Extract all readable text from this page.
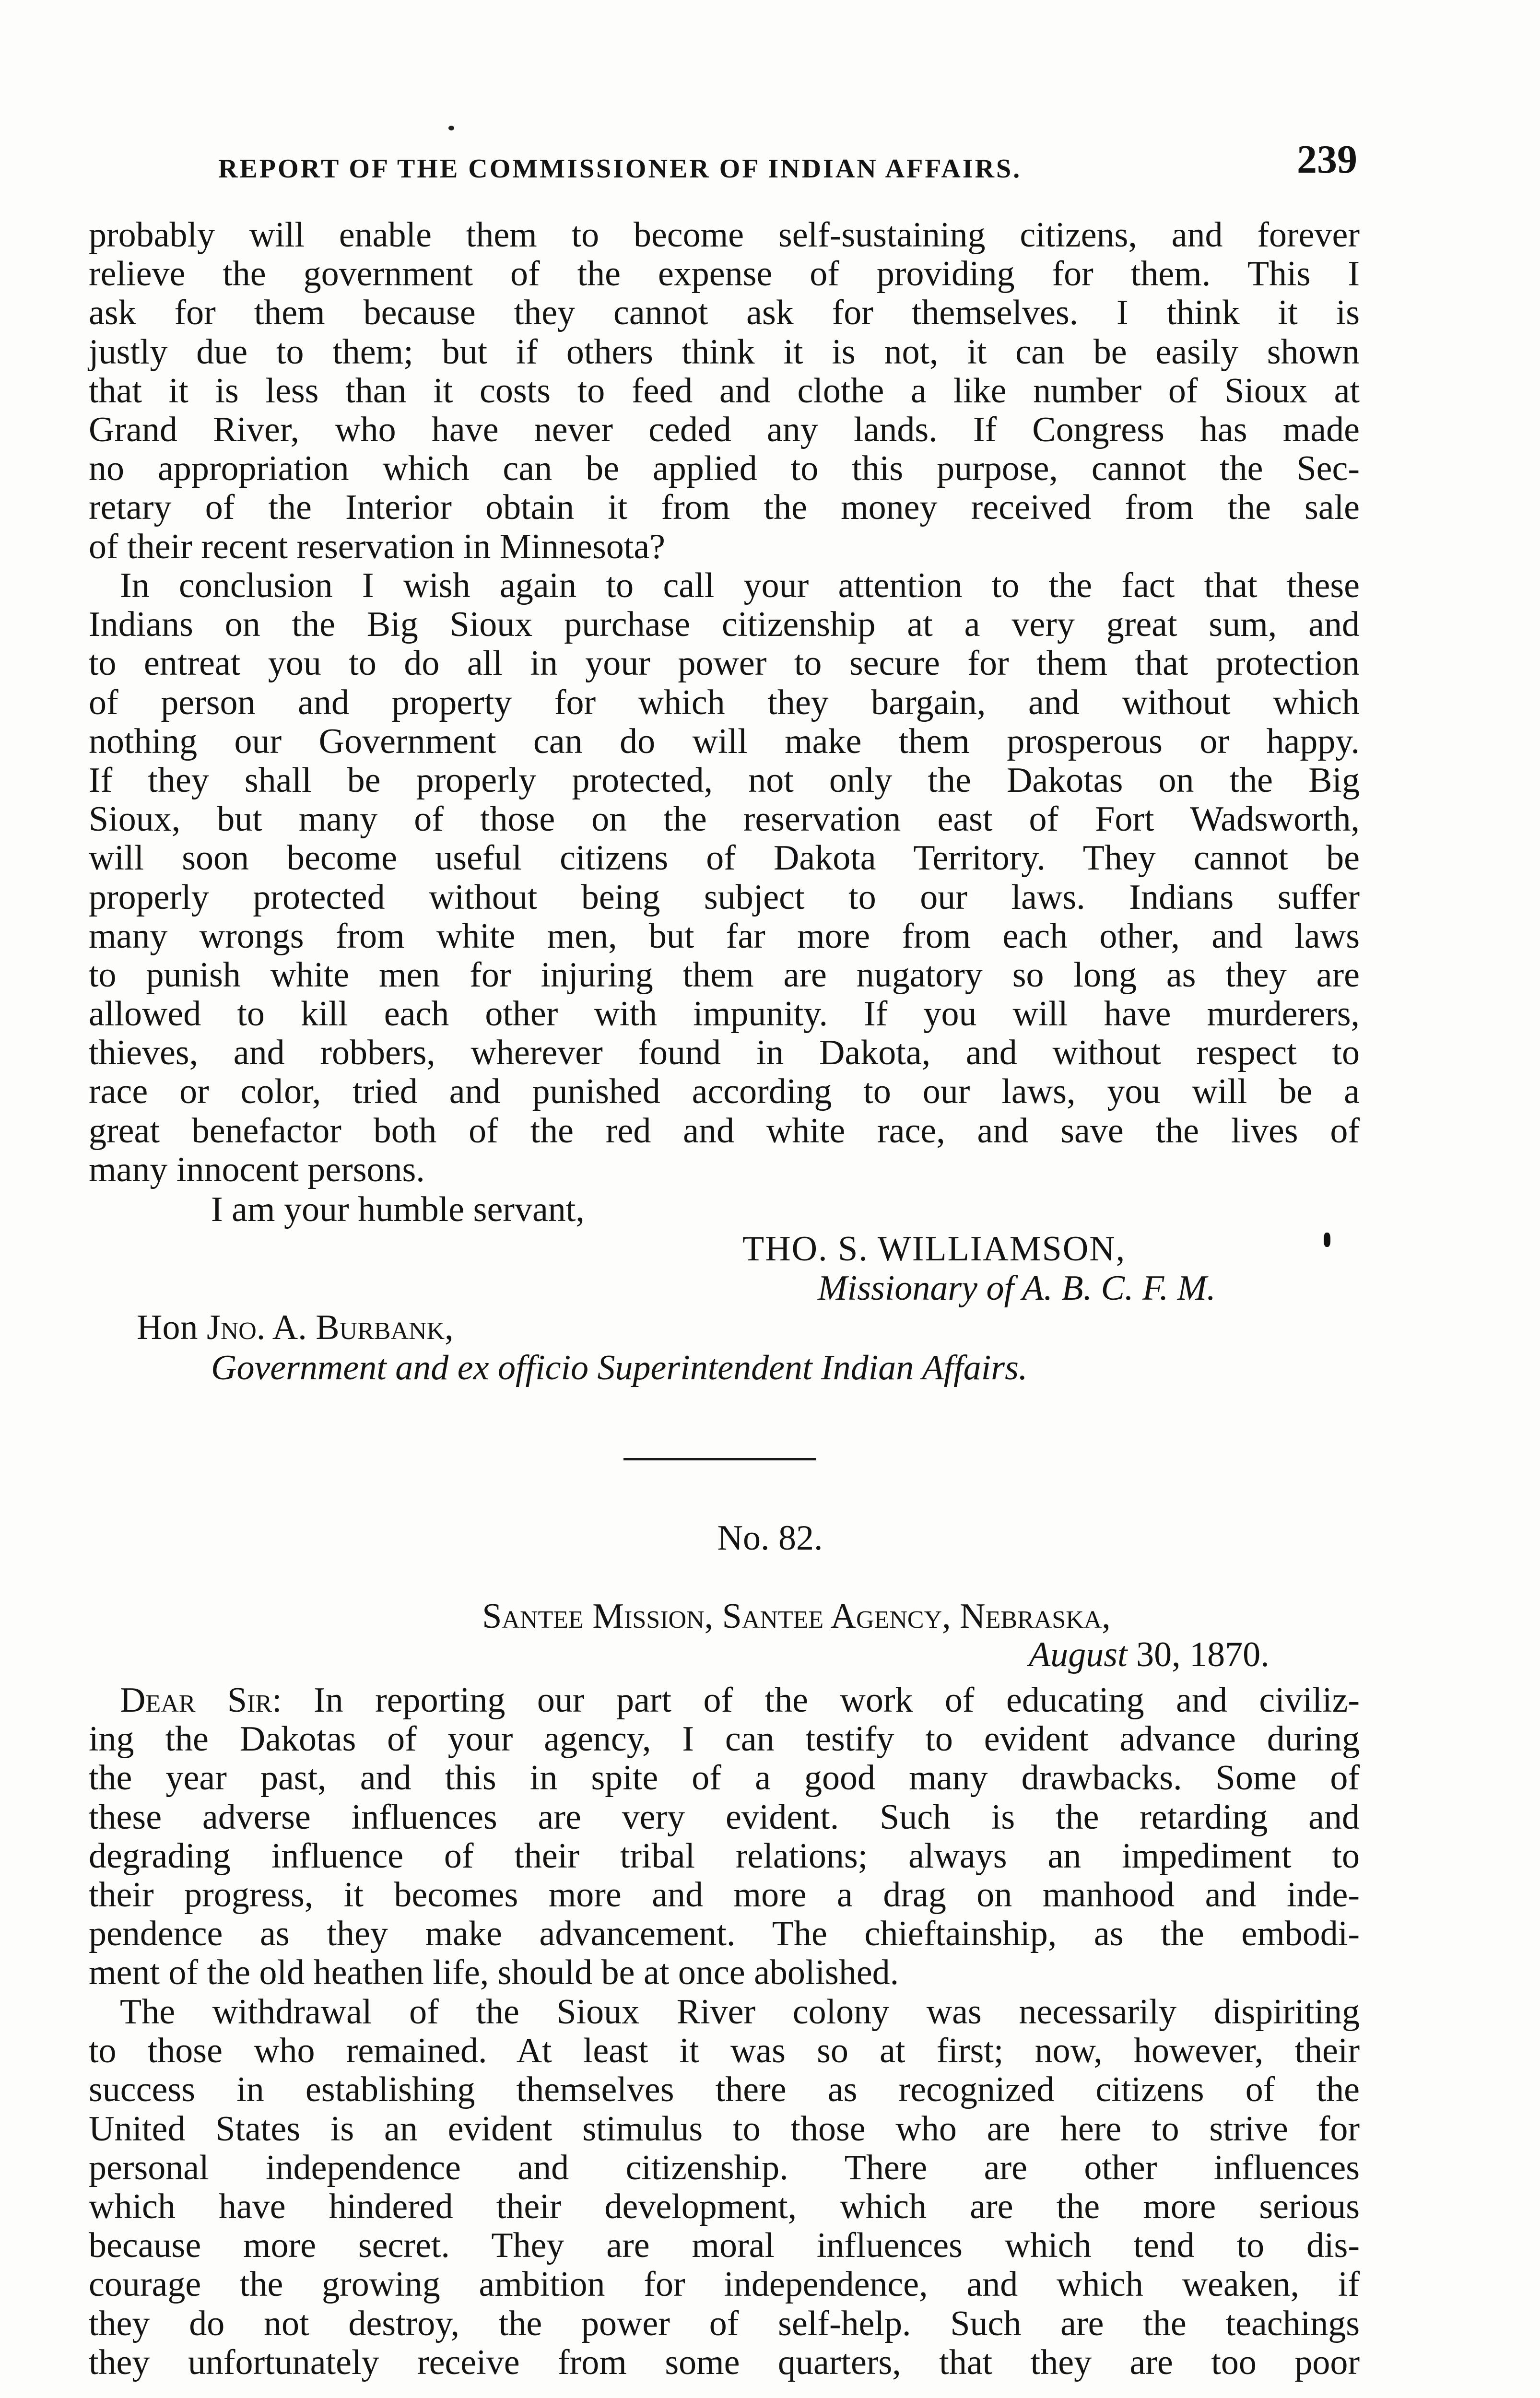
REPORT OF THE COMMISSIONER OF INDIAN AFFAIRS.	239
probably will enable them to become self-sustaining citizens, and forever
relieve the government of the expense of providing for them. This I
ask for them because they cannot ask for themselves. I think it is
justly due to them; but if others think it is not, it can be easily shown
that it is less than it costs to feed and clothe a like number of Sioux at
Grand River, who have never ceded any lands. If Congress has made
no appropriation which can be applied to this purpose, cannot the Sec-
retary of the Interior obtain it from the money received from the sale
of their recent reservation in Minnesota?
In conclusion I wish again to call your attention to the fact that these
Indians on the Big Sioux purchase citizenship at a very great sum, and
to entreat you to do all in your power to secure for them that protection
of person and property for which they bargain, and without which
nothing our Government can do will make them prosperous or happy.
If they shall be properly protected, not only the Dakotas on the Big
Sioux, but many of those on the reservation east of Fort Wadsworth,
will soon become useful citizens of Dakota Territory. They cannot be
properly protected without being subject to our laws. Indians suffer
many wrongs from white men, but far more from each other, and laws
to punish white men for injuring them are nugatory so long as they are
allowed to kill each other with impunity. If you will have murderers,
thieves, and robbers, wherever found in Dakota, and without respect to
race or color, tried and punished according to our laws, you will be a
great benefactor both of the red and white race, and save the lives of
many innocent persons.
I am your humble servant,
THO. S. WILLIAMSON,
Missionary of A. B. C. F. M.
Hon Jno. A. Burbank,
Government and ex officio Superintendent Indian Affairs.
No. 82.
Santee Mission, Santee Agency, Nebraska,
August 30, 1870.
Dear Sir: In reporting our part of the work of educating and civiliz-
ing the Dakotas of your agency, I can testify to evident advance during
the year past, and this in spite of a good many drawbacks. Some of
these adverse influences are very evident. Such is the retarding and
degrading influence of their tribal relations; always an impediment to
their progress, it becomes more and more a drag on manhood and inde-
pendence as they make advancement. The chieftainship, as the embodi-
ment of the old heathen life, should be at once abolished.
The withdrawal of the Sioux River colony was necessarily dispiriting
to those who remained. At least it was so at first; now, however, their
success in establishing themselves there as recognized citizens of the
United States is an evident stimulus to those who are here to strive for
personal independence and citizenship. There are other influences
which have hindered their development, which are the more serious
because more secret. They are moral influences which tend to dis-
courage the growing ambition for independence, and which weaken, if
they do not destroy, the power of self-help. Such are the teachings
they unfortunately receive from some quarters, that they are too poor
